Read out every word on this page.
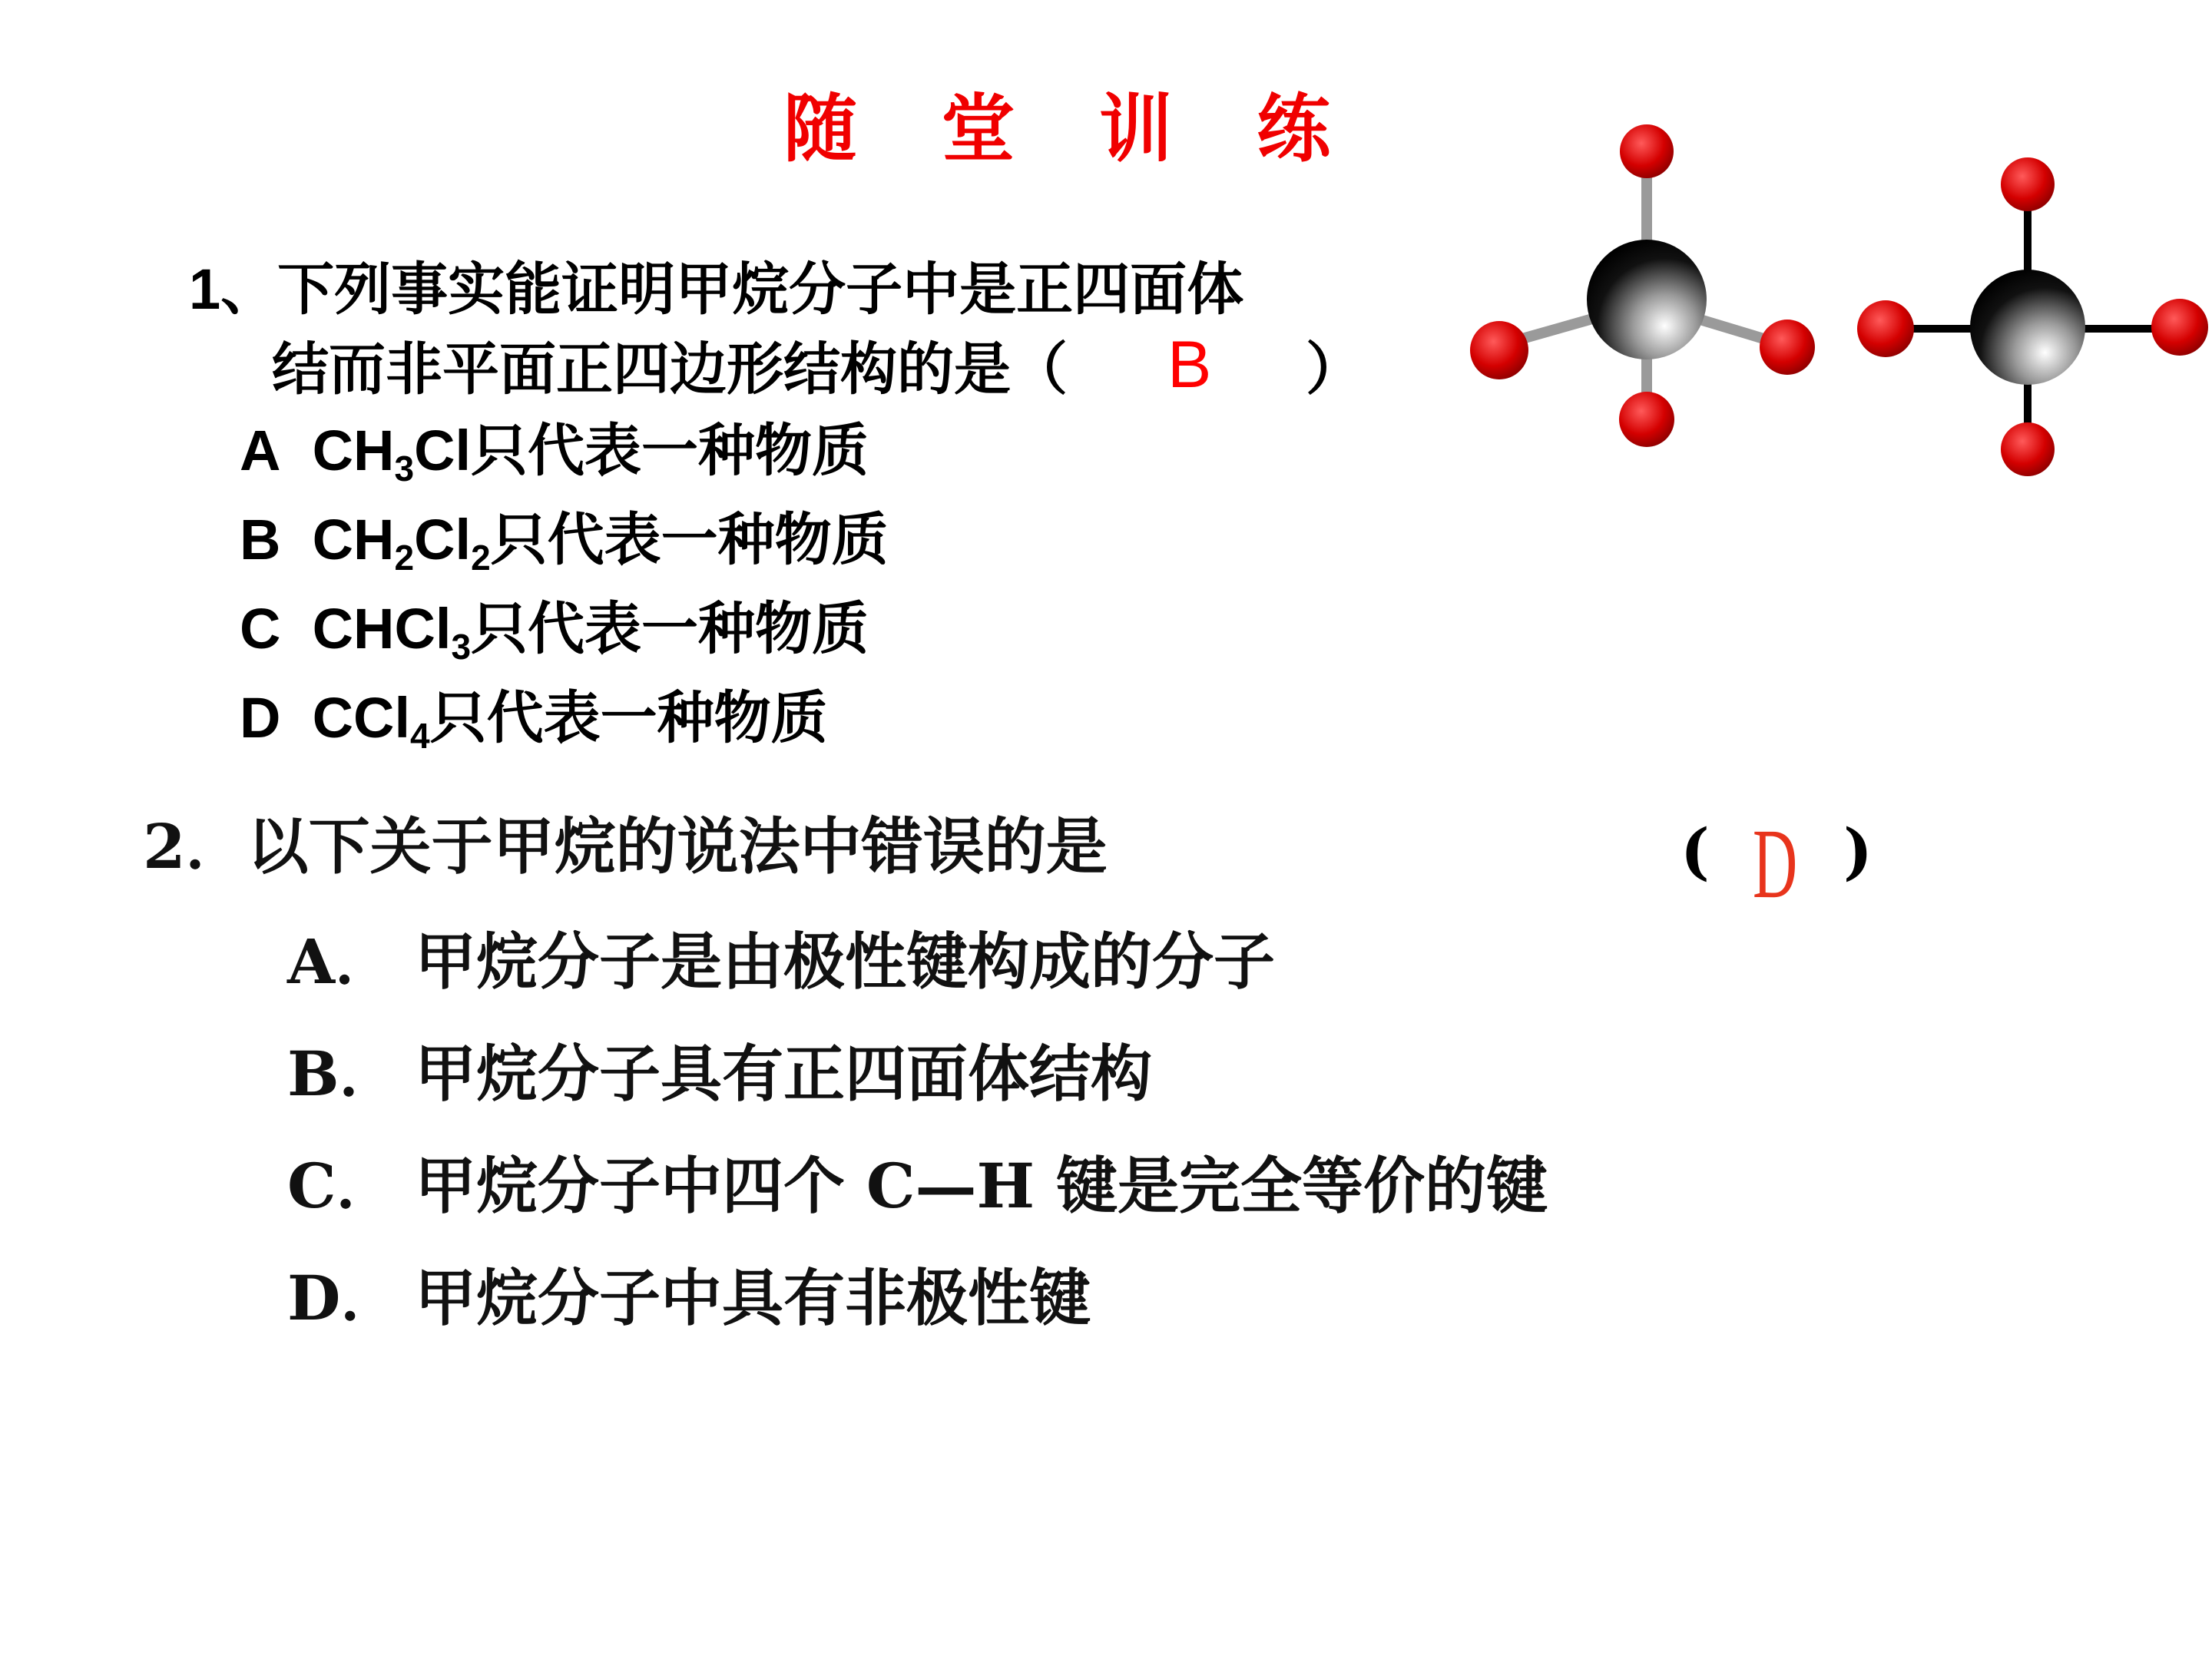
随 堂 训 练
1、下列事实能证明甲烷分子中是正四面体
结而非平面正四边形结构的是（ B ）
A $CH_3Cl$只代表一种物质
B $CH_2Cl_2$只代表一种物质
C CHCl$_3$只代表一种物质
D CCl$_4$只代表一种物质
2．以下关于甲烷的说法中错误的是	( D )
A． 甲烷分子是由极性键构成的分子
B． 甲烷分子具有正四面体结构
C． 甲烷分子中四个 C—H 键是完全等价的键
D． 甲烷分子中具有非极性键
